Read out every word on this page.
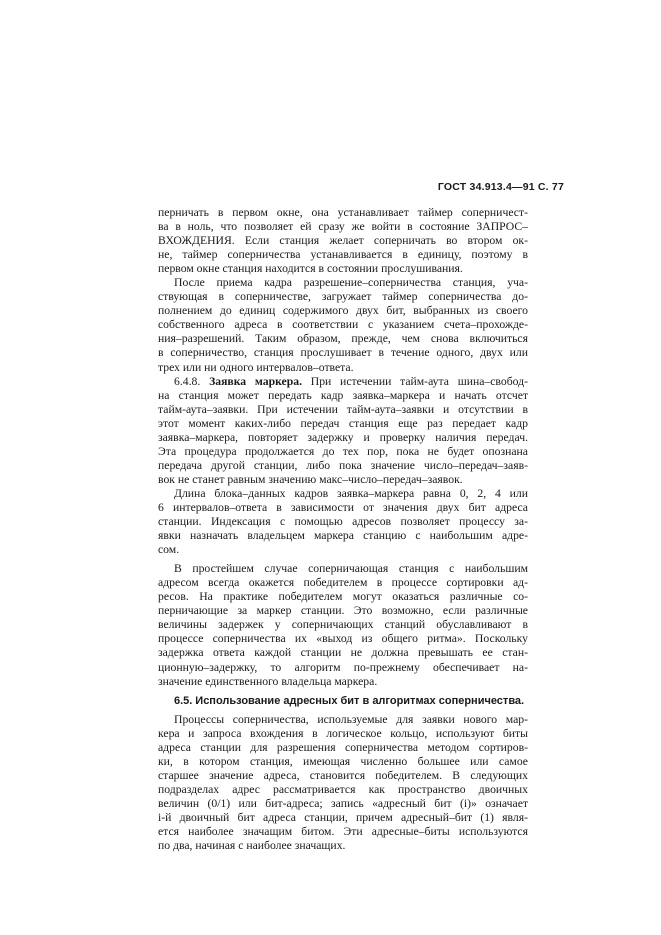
ГОСТ 34.913.4—91 С. 77
перничать в первом окне, она устанавливает таймер соперничест-
ва в ноль, что позволяет ей сразу же войти в состояние ЗАПРОС–
ВХОЖДЕНИЯ. Если станция желает соперничать во втором ок-
не, таймер соперничества устанавливается в единицу, поэтому в
первом окне станция находится в состоянии прослушивания.
После приема кадра разрешение–соперничества станция, уча-
ствующая в соперничестве, загружает таймер соперничества до-
полнением до единиц содержимого двух бит, выбранных из своего
собственного адреса в соответствии с указанием счета–прохожде-
ния–разрешений. Таким образом, прежде, чем снова включиться
в соперничество, станция прослушивает в течение одного, двух или
трех или ни одного интервалов–ответа.
6.4.8. Заявка маркера. При истечении тайм-аута шина–свобод-
на станция может передать кадр заявка–маркера и начать отсчет
тайм-аута–заявки. При истечении тайм-аута–заявки и отсутствии в
этот момент каких-либо передач станция еще раз передает кадр
заявка–маркера, повторяет задержку и проверку наличия передач.
Эта процедура продолжается до тех пор, пока не будет опознана
передача другой станции, либо пока значение число–передач–заяв-
вок не станет равным значению макс–число–передач–заявок.
Длина блока–данных кадров заявка–маркера равна 0, 2, 4 или
6 интервалов–ответа в зависимости от значения двух бит адреса
станции. Индексация с помощью адресов позволяет процессу за-
явки назначать владельцем маркера станцию с наибольшим адре-
сом.
В простейшем случае соперничающая станция с наибольшим
адресом всегда окажется победителем в процессе сортировки ад-
ресов. На практике победителем могут оказаться различные со-
перничающие за маркер станции. Это возможно, если различные
величины задержек у соперничающих станций обуславливают в
процессе соперничества их «выход из общего ритма». Поскольку
задержка ответа каждой станции не должна превышать ее стан-
ционную–задержку, то алгоритм по-прежнему обеспечивает на-
значение единственного владельца маркера.
6.5. Использование адресных бит в алгоритмах соперничества.
Процессы соперничества, используемые для заявки нового мар-
кера и запроса вхождения в логическое кольцо, используют биты
адреса станции для разрешения соперничества методом сортиров-
ки, в котором станция, имеющая численно большее или самое
старшее значение адреса, становится победителем. В следующих
подразделах адрес рассматривается как пространство двоичных
величин (0/1) или бит-адреса; запись «адресный бит (i)» означает
i-й двоичный бит адреса станции, причем адресный–бит (1) явля-
ется наиболее значащим битом. Эти адресные–биты используются
по два, начиная с наиболее значащих.
